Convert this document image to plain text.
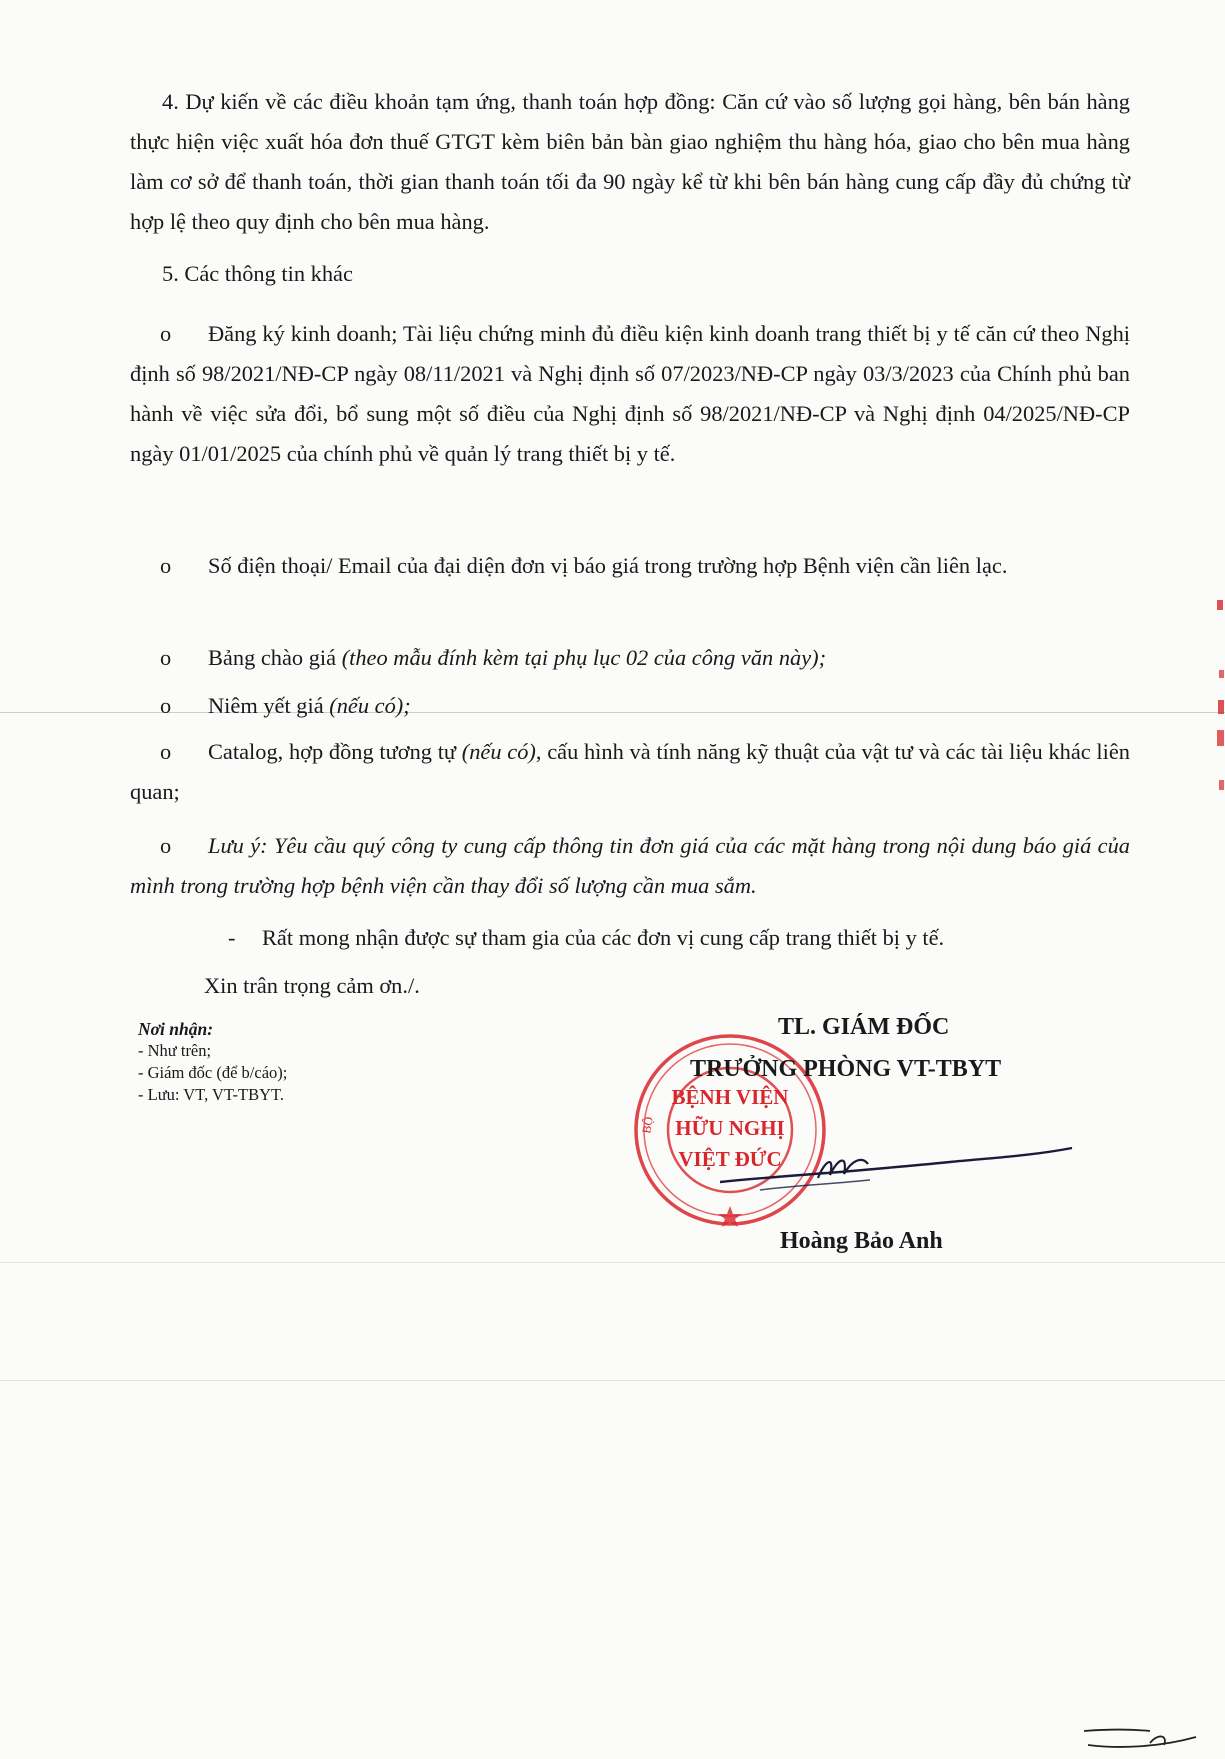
4. Dự kiến về các điều khoản tạm ứng, thanh toán hợp đồng: Căn cứ vào số lượng gọi hàng, bên bán hàng thực hiện việc xuất hóa đơn thuế GTGT kèm biên bản bàn giao nghiệm thu hàng hóa, giao cho bên mua hàng làm cơ sở để thanh toán, thời gian thanh toán tối đa 90 ngày kể từ khi bên bán hàng cung cấp đầy đủ chứng từ hợp lệ theo quy định cho bên mua hàng.

5. Các thông tin khác

o Đăng ký kinh doanh; Tài liệu chứng minh đủ điều kiện kinh doanh trang thiết bị y tế căn cứ theo Nghị định số 98/2021/NĐ-CP ngày 08/11/2021 và Nghị định số 07/2023/NĐ-CP ngày 03/3/2023 của Chính phủ ban hành về việc sửa đổi, bổ sung một số điều của Nghị định số 98/2021/NĐ-CP và Nghị định 04/2025/NĐ-CP ngày 01/01/2025 của chính phủ về quản lý trang thiết bị y tế.

o Số điện thoại/ Email của đại diện đơn vị báo giá trong trường hợp Bệnh viện cần liên lạc.

o Bảng chào giá (theo mẫu đính kèm tại phụ lục 02 của công văn này);

o Niêm yết giá (nếu có);

o Catalog, hợp đồng tương tự (nếu có), cấu hình và tính năng kỹ thuật của vật tư và các tài liệu khác liên quan;

o Lưu ý: Yêu cầu quý công ty cung cấp thông tin đơn giá của các mặt hàng trong nội dung báo giá của mình trong trường hợp bệnh viện cần thay đổi số lượng cần mua sắm.

- Rất mong nhận được sự tham gia của các đơn vị cung cấp trang thiết bị y tế.

Xin trân trọng cảm ơn./.

Nơi nhận:
- Như trên;
- Giám đốc (để b/cáo);
- Lưu: VT, VT-TBYT.	BỆNH VIỆN
HỮU NGHỊ
VIỆT ĐỨC
BỘ
TL. GIÁM ĐỐC
TRƯỞNG PHÒNG VT-TBYT
Hoàng Bảo Anh
